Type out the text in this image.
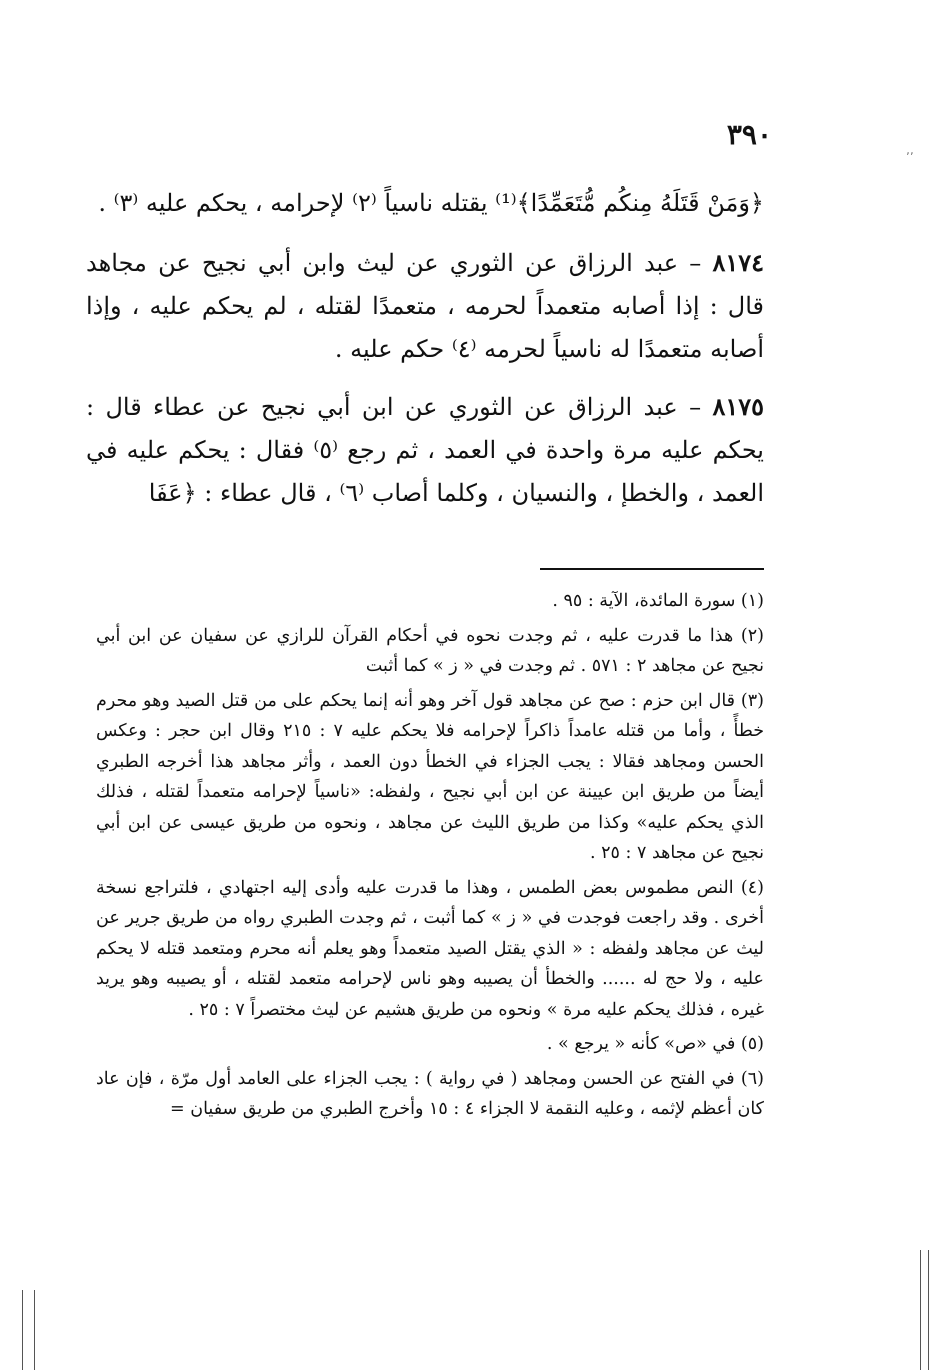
٣٩٠
٬٬

﴿وَمَنْ قَتَلَهُ مِنكُم مُّتَعَمِّدًا﴾⁽¹⁾ يقتله ناسياً ⁽٢⁾ لإحرامه ، يحكم عليه ⁽٣⁾ .

٨١٧٤ – عبد الرزاق عن الثوري عن ليث وابن أبي نجيح عن مجاهد قال : إذا أصابه متعمداً لحرمه ، متعمدًا لقتله ، لم يحكم عليه ، وإذا أصابه متعمدًا له ناسياً لحرمه ⁽٤⁾ حكم عليه .

٨١٧٥ – عبد الرزاق عن الثوري عن ابن أبي نجيح عن عطاء قال : يحكم عليه مرة واحدة في العمد ، ثم رجع ⁽٥⁾ فقال : يحكم عليه في العمد ، والخطإ ، والنسيان ، وكلما أصاب ⁽٦⁾ ، قال عطاء : ﴿عَفَا

(١) سورة المائدة، الآية : ٩٥ .

(٢) هذا ما قدرت عليه ، ثم وجدت نحوه في أحكام القرآن للرازي عن سفيان عن ابن أبي نجيح عن مجاهد ٢ : ٥٧١ . ثم وجدت في « ز » كما أثبت

(٣) قال ابن حزم : صح عن مجاهد قول آخر وهو أنه إنما يحكم على من قتل الصيد وهو محرم خطأً ، وأما من قتله عامداً ذاكراً لإحرامه فلا يحكم عليه ٧ : ٢١٥ وقال ابن حجر : وعكس الحسن ومجاهد فقالا : يجب الجزاء في الخطأ دون العمد ، وأثر مجاهد هذا أخرجه الطبري أيضاً من طريق ابن عيينة عن ابن أبي نجيح ، ولفظه: «ناسياً لإحرامه متعمداً لقتله ، فذلك الذي يحكم عليه» وكذا من طريق الليث عن مجاهد ، ونحوه من طريق عيسى عن ابن أبي نجيح عن مجاهد ٧ : ٢٥ .

(٤) النص مطموس بعض الطمس ، وهذا ما قدرت عليه وأدى إليه اجتهادي ، فلتراجع نسخة أخرى . وقد راجعت فوجدت في « ز » كما أثبت ، ثم وجدت الطبري رواه من طريق جرير عن ليث عن مجاهد ولفظه : « الذي يقتل الصيد متعمداً وهو يعلم أنه محرم ومتعمد قتله لا يحكم عليه ، ولا حج له ...... والخطأ أن يصيبه وهو ناس لإحرامه متعمد لقتله ، أو يصيبه وهو يريد غيره ، فذلك يحكم عليه مرة » ونحوه من طريق هشيم عن ليث مختصراً ٧ : ٢٥ .

(٥) في «ص» كأنه « يرجع » .

(٦) في الفتح عن الحسن ومجاهد ( في رواية ) : يجب الجزاء على العامد أول مرّة ، فإن عاد كان أعظم لإثمه ، وعليه النقمة لا الجزاء ٤ : ١٥ وأخرج الطبري من طريق سفيان =
